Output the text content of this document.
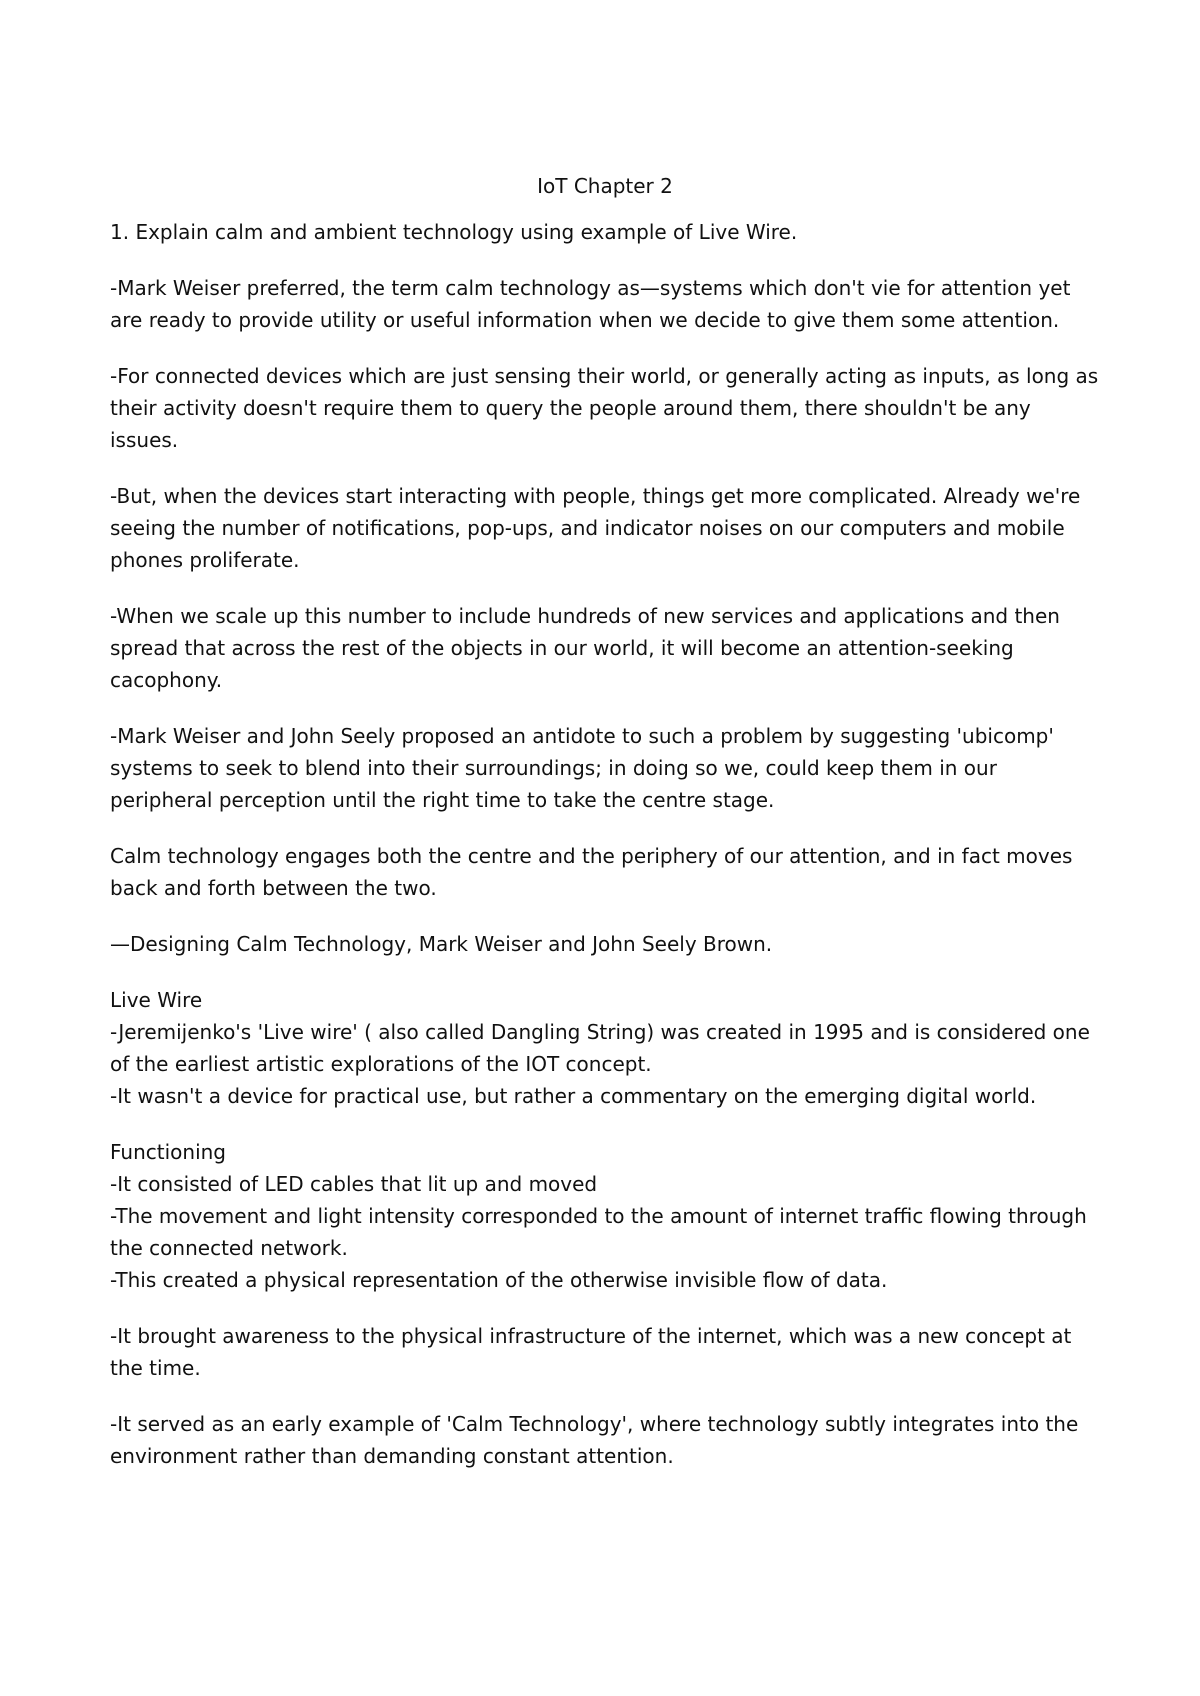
IoT Chapter 2

1. Explain calm and ambient technology using example of Live Wire.

-Mark Weiser preferred, the term calm technology as—systems which don't vie for attention yet are ready to provide utility or useful information when we decide to give them some attention.

-For connected devices which are just sensing their world, or generally acting as inputs, as long as their activity doesn't require them to query the people around them, there shouldn't be any issues.

-But, when the devices start interacting with people, things get more complicated. Already we're seeing the number of notifications, pop-ups, and indicator noises on our computers and mobile phones proliferate.

-When we scale up this number to include hundreds of new services and applications and then spread that across the rest of the objects in our world, it will become an attention-seeking cacophony.

-Mark Weiser and John Seely proposed an antidote to such a problem by suggesting 'ubicomp' systems to seek to blend into their surroundings; in doing so we, could keep them in our peripheral perception until the right time to take the centre stage.

Calm technology engages both the centre and the periphery of our attention, and in fact moves back and forth between the two.

—Designing Calm Technology, Mark Weiser and John Seely Brown.

Live Wire
-Jeremijenko's 'Live wire' ( also called Dangling String) was created in 1995 and is considered one of the earliest artistic explorations of the IOT concept.
-It wasn't a device for practical use, but rather a commentary on the emerging digital world.
Functioning
-It consisted of LED cables that lit up and moved
-The movement and light intensity corresponded to the amount of internet traffic flowing through the connected network.
-This created a physical representation of the otherwise invisible flow of data.

-It brought awareness to the physical infrastructure of the internet, which was a new concept at the time.

-It served as an early example of 'Calm Technology', where technology subtly integrates into the environment rather than demanding constant attention.
